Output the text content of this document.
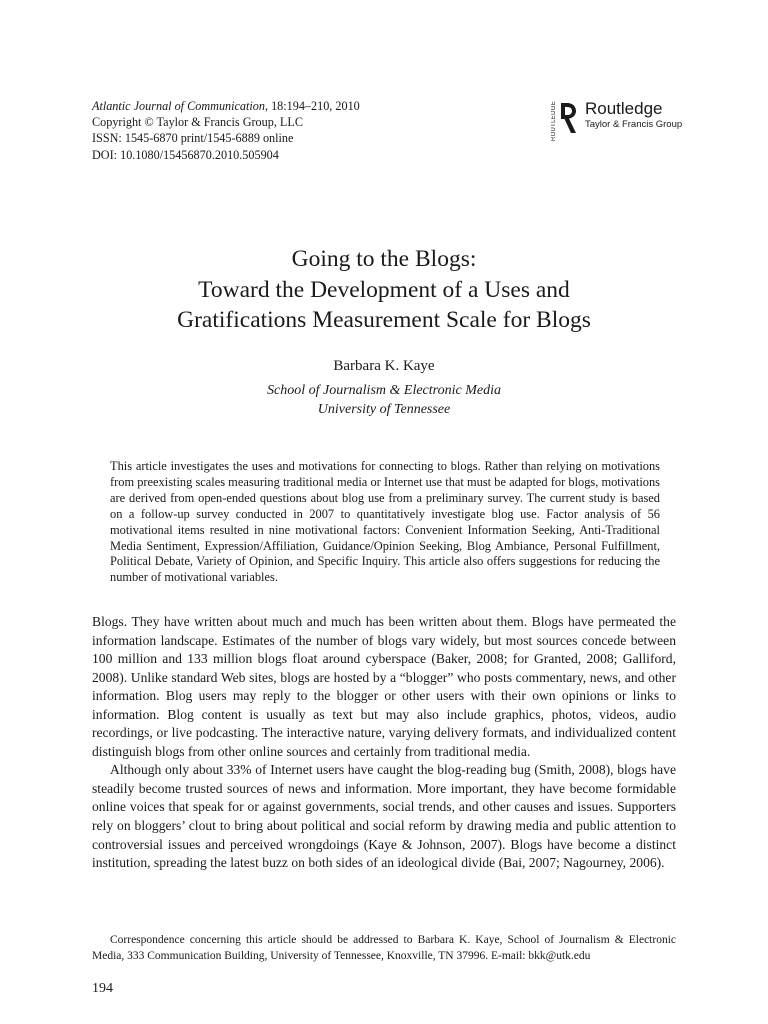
Atlantic Journal of Communication, 18:194–210, 2010
Copyright © Taylor & Francis Group, LLC
ISSN: 1545-6870 print/1545-6889 online
DOI: 10.1080/15456870.2010.505904
ROUTLEDGE Routledge
Taylor & Francis Group
Going to the Blogs:
Toward the Development of a Uses and
Gratifications Measurement Scale for Blogs
Barbara K. Kaye
School of Journalism & Electronic Media
University of Tennessee
This article investigates the uses and motivations for connecting to blogs. Rather than relying on motivations from preexisting scales measuring traditional media or Internet use that must be adapted for blogs, motivations are derived from open-ended questions about blog use from a preliminary survey. The current study is based on a follow-up survey conducted in 2007 to quantitatively investigate blog use. Factor analysis of 56 motivational items resulted in nine motivational factors: Convenient Information Seeking, Anti-Traditional Media Sentiment, Expression/Affiliation, Guidance/Opinion Seeking, Blog Ambiance, Personal Fulfillment, Political Debate, Variety of Opinion, and Specific Inquiry. This article also offers suggestions for reducing the number of motivational variables.

Blogs. They have written about much and much has been written about them. Blogs have permeated the information landscape. Estimates of the number of blogs vary widely, but most sources concede between 100 million and 133 million blogs float around cyberspace (Baker, 2008; for Granted, 2008; Galliford, 2008). Unlike standard Web sites, blogs are hosted by a “blogger” who posts commentary, news, and other information. Blog users may reply to the blogger or other users with their own opinions or links to information. Blog content is usually as text but may also include graphics, photos, videos, audio recordings, or live podcasting. The interactive nature, varying delivery formats, and individualized content distinguish blogs from other online sources and certainly from traditional media.

Although only about 33% of Internet users have caught the blog-reading bug (Smith, 2008), blogs have steadily become trusted sources of news and information. More important, they have become formidable online voices that speak for or against governments, social trends, and other causes and issues. Supporters rely on bloggers’ clout to bring about political and social reform by drawing media and public attention to controversial issues and perceived wrongdoings (Kaye & Johnson, 2007). Blogs have become a distinct institution, spreading the latest buzz on both sides of an ideological divide (Bai, 2007; Nagourney, 2006).

Correspondence concerning this article should be addressed to Barbara K. Kaye, School of Journalism & Electronic Media, 333 Communication Building, University of Tennessee, Knoxville, TN 37996. E-mail: bkk@utk.edu
194
